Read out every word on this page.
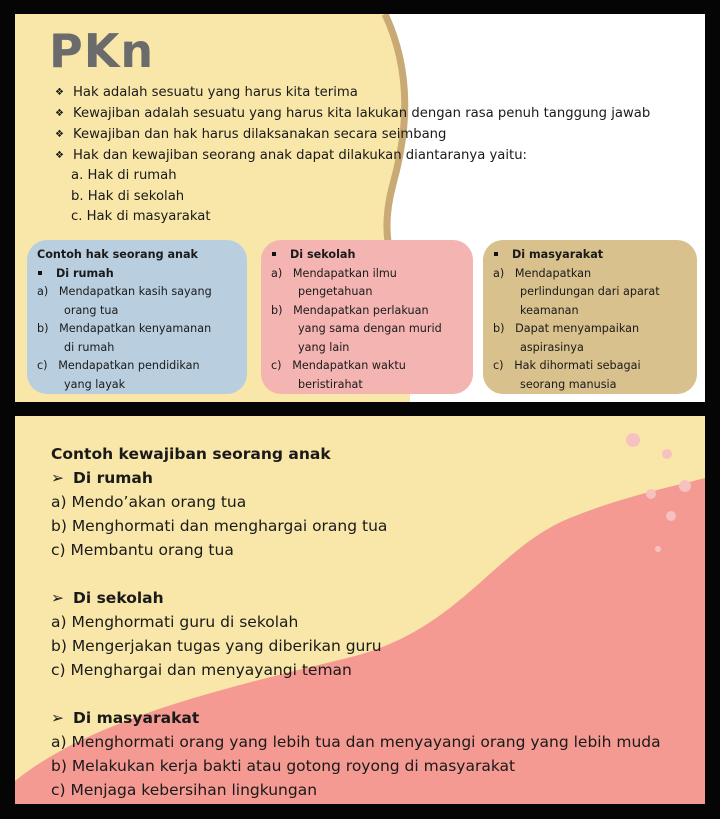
PKn
❖ Hak adalah sesuatu yang harus kita terima
❖ Kewajiban adalah sesuatu yang harus kita lakukan dengan rasa penuh tanggung jawab
❖ Kewajiban dan hak harus dilaksanakan secara seimbang
❖ Hak dan kewajiban seorang anak dapat dilakukan diantaranya yaitu:
a. Hak di rumah
b. Hak di sekolah
c. Hak di masyarakat
Contoh hak seorang anak
Di rumah
a) Mendapatkan kasih sayang
orang tua
b) Mendapatkan kenyamanan
di rumah
c) Mendapatkan pendidikan
yang layak
Di sekolah
a) Mendapatkan ilmu
pengetahuan
b) Mendapatkan perlakuan
yang sama dengan murid
yang lain
c) Mendapatkan waktu
beristirahat
Di masyarakat
a) Mendapatkan
perlindungan dari aparat
keamanan
b) Dapat menyampaikan
aspirasinya
c) Hak dihormati sebagai
seorang manusia
Contoh kewajiban seorang anak
➢ Di rumah
a) Mendo’akan orang tua
b) Menghormati dan menghargai orang tua
c) Membantu orang tua
➢ Di sekolah
a) Menghormati guru di sekolah
b) Mengerjakan tugas yang diberikan guru
c) Menghargai dan menyayangi teman
➢ Di masyarakat
a) Menghormati orang yang lebih tua dan menyayangi orang yang lebih muda
b) Melakukan kerja bakti atau gotong royong di masyarakat
c) Menjaga kebersihan lingkungan
